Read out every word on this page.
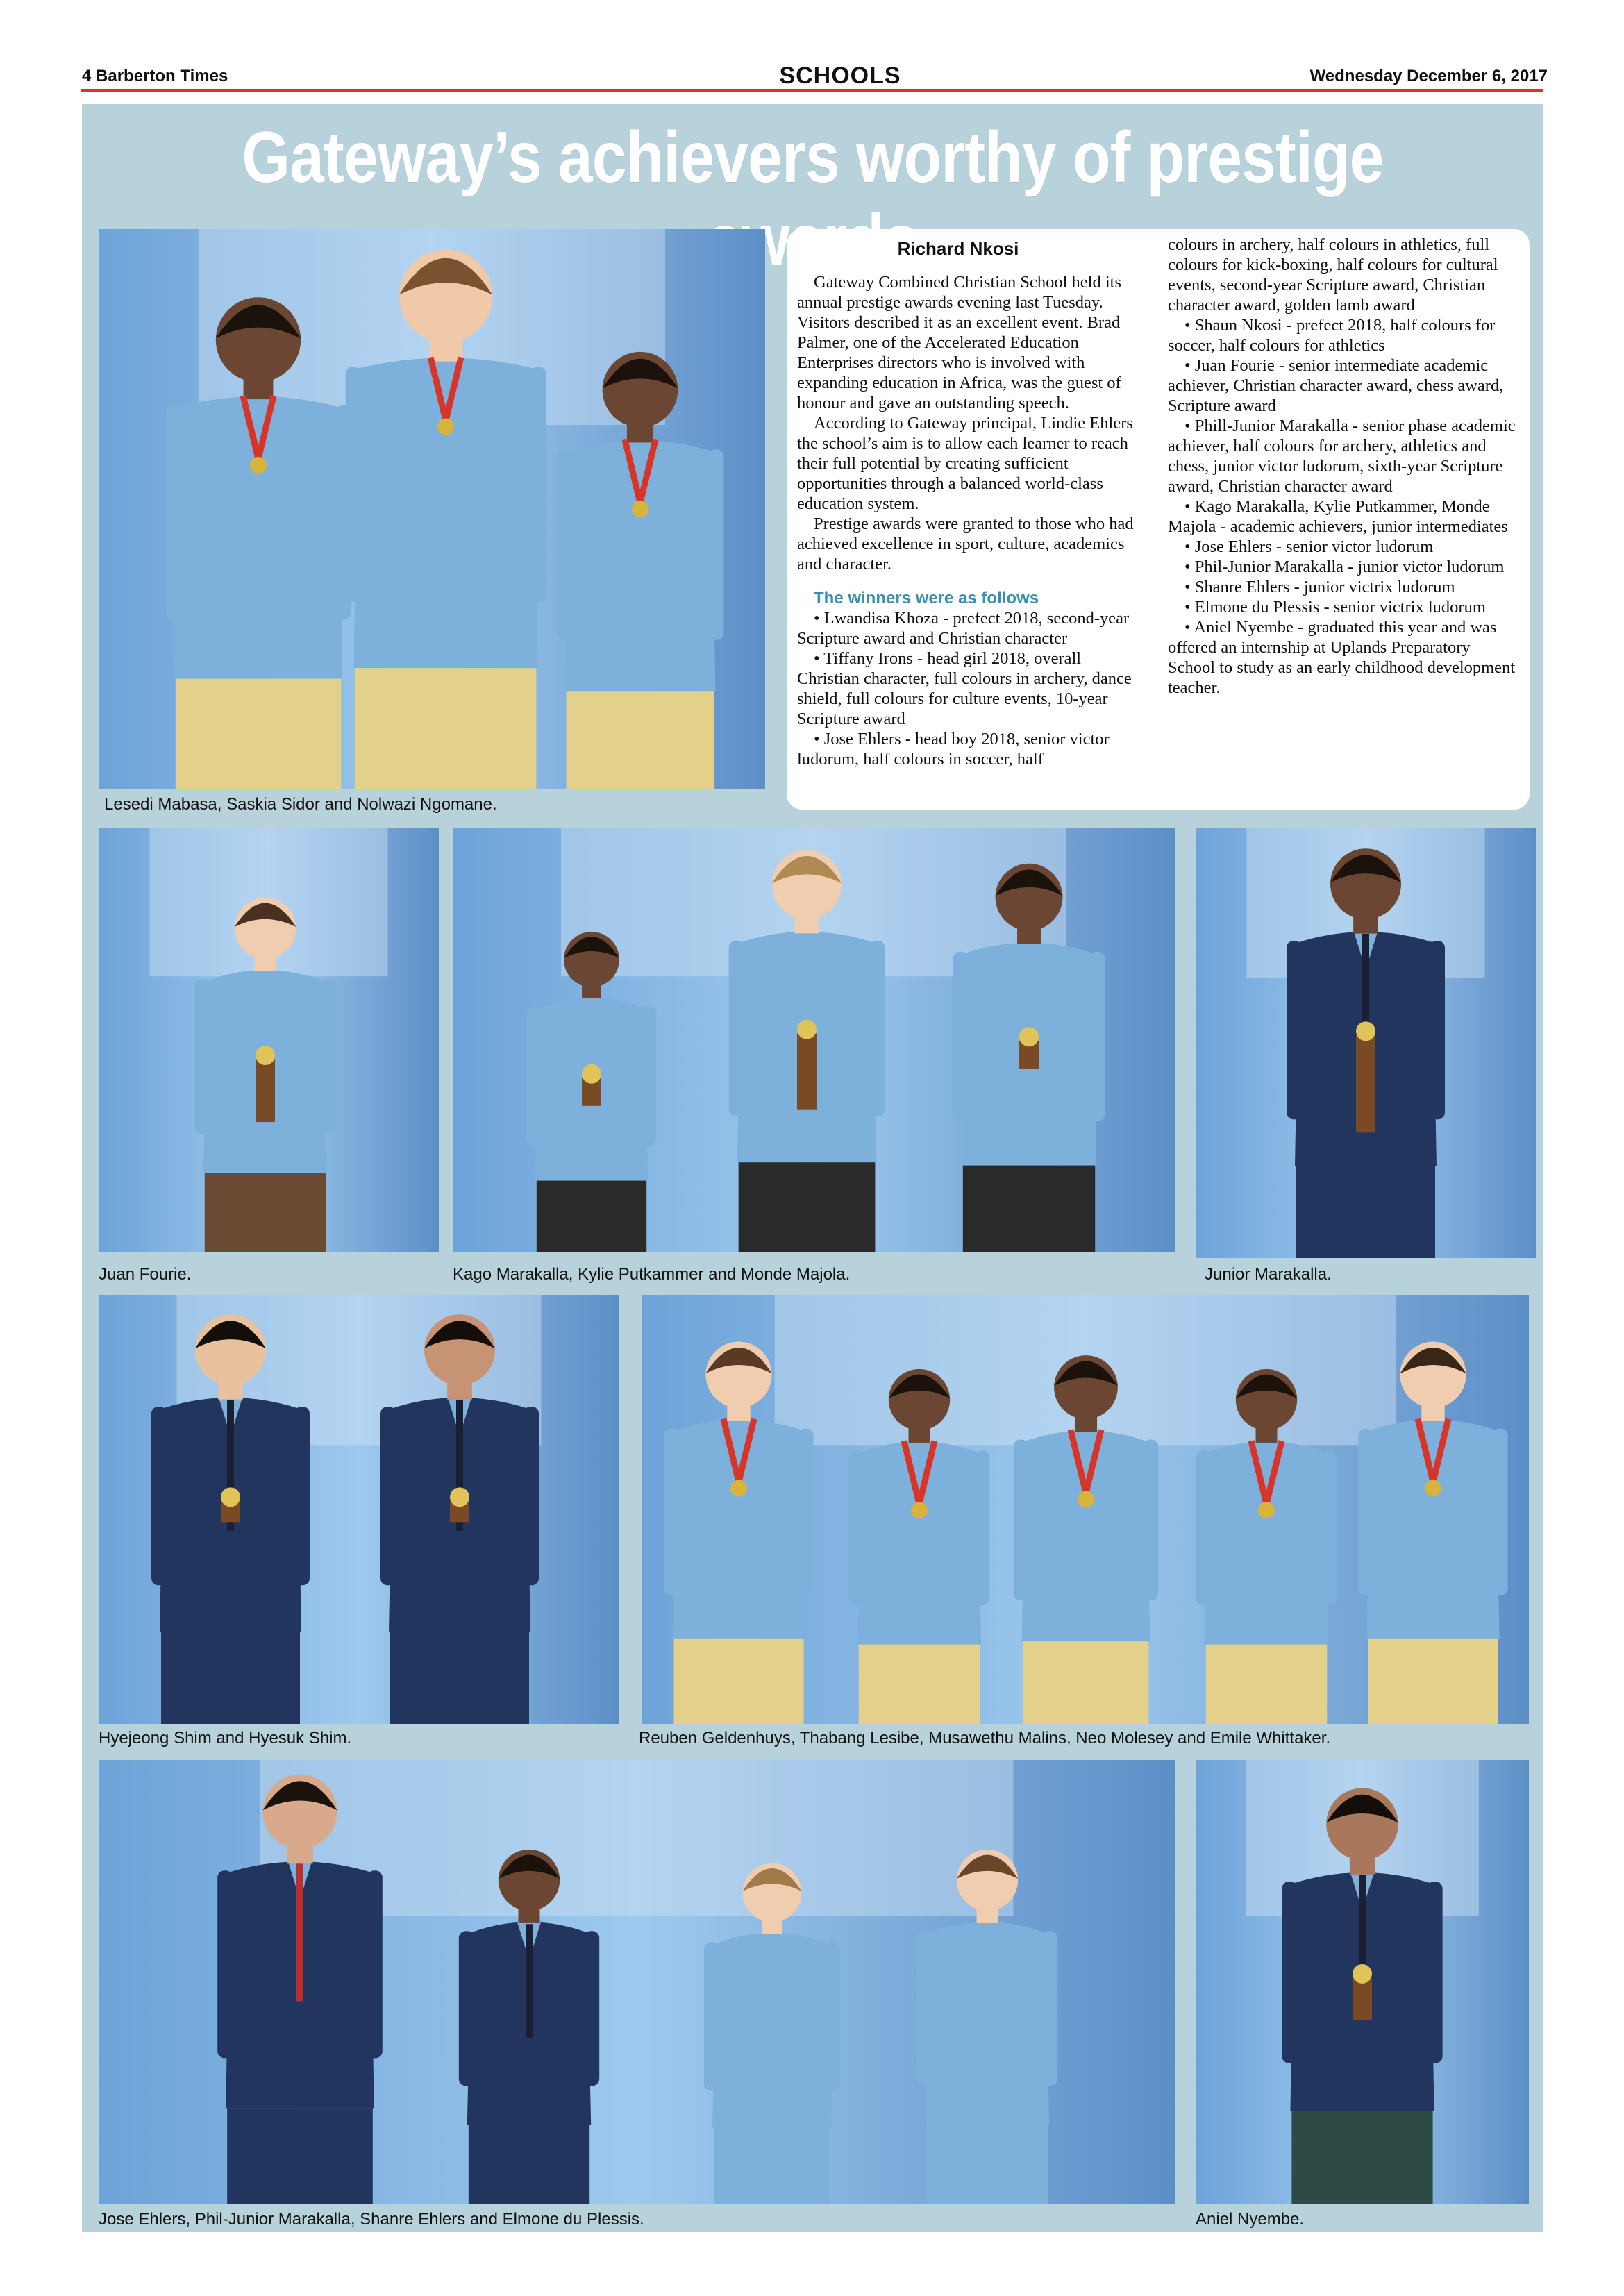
4 Barberton Times	SCHOOLS	Wednesday December 6, 2017
Gateway’s achievers worthy of prestige
Lesedi Mabasa, Saskia Sidor and Nolwazi Ngomane.
Richard Nkosi

Gateway Combined Christian School held its annual prestige awards evening last Tuesday. Visitors described it as an excellent event. Brad Palmer, one of the Accelerated Education Enterprises directors who is involved with expanding education in Africa, was the guest of honour and gave an outstanding speech.

According to Gateway principal, Lindie Ehlers the school’s aim is to allow each learner to reach their full potential by creating sufficient opportunities through a balanced world-class education system.

Prestige awards were granted to those who had achieved excellence in sport, culture, academics and character.

The winners were as follows

• Lwandisa Khoza - prefect 2018, second-year Scripture award and Christian character

• Tiffany Irons - head girl 2018, overall Christian character, full colours in archery, dance shield, full colours for culture events, 10-year Scripture award

• Jose Ehlers - head boy 2018, senior victor ludorum, half colours in soccer, half

colours in archery, half colours in athletics, full colours for kick-boxing, half colours for cultural events, second-year Scripture award, Christian character award, golden lamb award

• Shaun Nkosi - prefect 2018, half colours for soccer, half colours for athletics

• Juan Fourie - senior intermediate academic achiever, Christian character award, chess award, Scripture award

• Phill-Junior Marakalla - senior phase academic achiever, half colours for archery, athletics and chess, junior victor ludorum, sixth-year Scripture award, Christian character award

• Kago Marakalla, Kylie Putkammer, Monde Majola - academic achievers, junior intermediates

• Jose Ehlers - senior victor ludorum

• Phil-Junior Marakalla - junior victor ludorum

• Shanre Ehlers - junior victrix ludorum

• Elmone du Plessis - senior victrix ludorum

• Aniel Nyembe - graduated this year and was offered an internship at Uplands Preparatory School to study as an early childhood development teacher.

Juan Fourie.	Kago Marakalla, Kylie Putkammer and Monde Majola.	Junior Marakalla.
Hyejeong Shim and Hyesuk Shim.	Reuben Geldenhuys, Thabang Lesibe, Musawethu Malins, Neo Molesey and Emile Whittaker.
Jose Ehlers, Phil-Junior Marakalla, Shanre Ehlers and Elmone du Plessis.	Aniel Nyembe.
